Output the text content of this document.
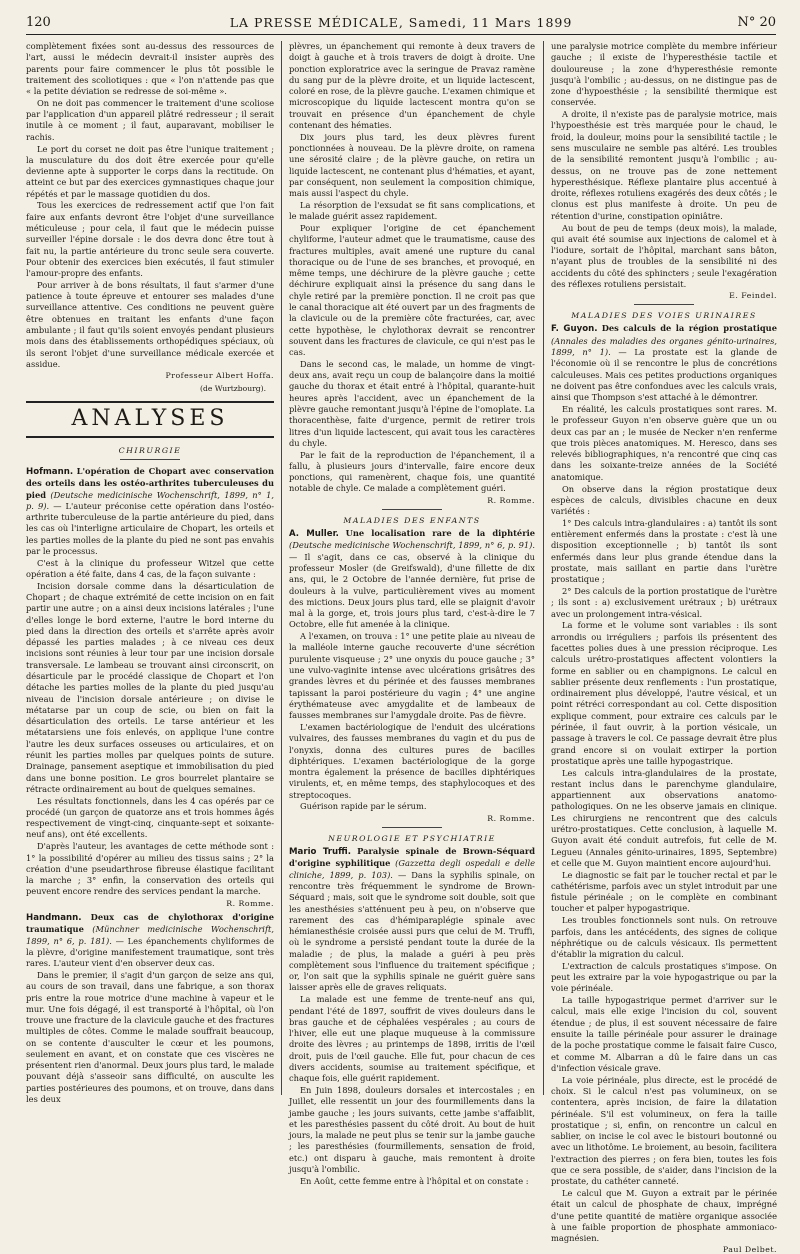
120	LA PRESSE MÉDICALE, Samedi, 11 Mars 1899	N° 20

complètement fixées sont au-dessus des ressources de l'art, aussi le médecin devrait-il insister auprès des parents pour faire commencer le plus tôt possible le traitement des scoliotiques : que « l'on n'attende pas que « la petite déviation se redresse de soi-même ».

On ne doit pas commencer le traitement d'une scoliose par l'application d'un appareil plâtré redresseur ; il serait inutile à ce moment ; il faut, auparavant, mobiliser le rachis.

Le port du corset ne doit pas être l'unique traitement ; la musculature du dos doit être exercée pour qu'elle devienne apte à supporter le corps dans la rectitude. On atteint ce but par des exercices gymnastiques chaque jour répétés et par le massage quotidien du dos.

Tous les exercices de redressement actif que l'on fait faire aux enfants devront être l'objet d'une surveillance méticuleuse ; pour cela, il faut que le médecin puisse surveiller l'épine dorsale : le dos devra donc être tout à fait nu, la partie antérieure du tronc seule sera couverte. Pour obtenir des exercices bien exécutés, il faut stimuler l'amour-propre des enfants.

Pour arriver à de bons résultats, il faut s'armer d'une patience à toute épreuve et entourer ses malades d'une surveillance attentive. Ces conditions ne peuvent guère être obtenues en traitant les enfants d'une façon ambulante ; il faut qu'ils soient envoyés pendant plusieurs mois dans des établissements orthopédiques spéciaux, où ils seront l'objet d'une surveillance médicale exercée et assidue.

Professeur Albert Hoffa.
(de Wurtzbourg).
ANALYSES
CHIRURGIE

Hofmann. L'opération de Chopart avec conservation des orteils dans les ostéo-arthrites tuberculeuses du pied (Deutsche medicinische Wochenschrift, 1899, n° 1, p. 9). — L'auteur préconise cette opération dans l'ostéo-arthrite tuberculeuse de la partie antérieure du pied, dans les cas où l'interligne articulaire de Chopart, les orteils et les parties molles de la plante du pied ne sont pas envahis par le processus.

C'est à la clinique du professeur Witzel que cette opération a été faite, dans 4 cas, de la façon suivante :

Incision dorsale comme dans la désarticulation de Chopart ; de chaque extrémité de cette incision on en fait partir une autre ; on a ainsi deux incisions latérales ; l'une d'elles longe le bord externe, l'autre le bord interne du pied dans la direction des orteils et s'arrête après avoir dépassé les parties malades ; à ce niveau ces deux incisions sont réunies à leur tour par une incision dorsale transversale. Le lambeau se trouvant ainsi circonscrit, on désarticule par le procédé classique de Chopart et l'on détache les parties molles de la plante du pied jusqu'au niveau de l'incision dorsale antérieure ; on divise le métatarse par un coup de scie, ou bien on fait la désarticulation des orteils. Le tarse antérieur et les métatarsiens une fois enlevés, on applique l'une contre l'autre les deux surfaces osseuses ou articulaires, et on réunit les parties molles par quelques points de suture. Drainage, pansement aseptique et immobilisation du pied dans une bonne position. Le gros bourrelet plantaire se rétracte ordinairement au bout de quelques semaines.

Les résultats fonctionnels, dans les 4 cas opérés par ce procédé (un garçon de quatorze ans et trois hommes âgés respectivement de vingt-cinq, cinquante-sept et soixante-neuf ans), ont été excellents.

D'après l'auteur, les avantages de cette méthode sont : 1° la possibilité d'opérer au milieu des tissus sains ; 2° la création d'une pseudarthrose fibreuse élastique facilitant la marche ; 3° enfin, la conservation des orteils qui peuvent encore rendre des services pendant la marche.

R. Romme.

Handmann. Deux cas de chylothorax d'origine traumatique (Münchner medicinische Wochenschrift, 1899, n° 6, p. 181). — Les épanchements chyliformes de la plèvre, d'origine manifestement traumatique, sont très rares. L'auteur vient d'en observer deux cas.

Dans le premier, il s'agit d'un garçon de seize ans qui, au cours de son travail, dans une fabrique, a son thorax pris entre la roue motrice d'une machine à vapeur et le mur. Une fois dégagé, il est transporté à l'hôpital, où l'on trouve une fracture de la clavicule gauche et des fractures multiples de côtes. Comme le malade souffrait beaucoup, on se contente d'ausculter le cœur et les poumons, seulement en avant, et on constate que ces viscères ne présentent rien d'anormal. Deux jours plus tard, le malade pouvant déjà s'asseoir sans difficulté, on ausculte les parties postérieures des poumons, et on trouve, dans dans les deux

plèvres, un épanchement qui remonte à deux travers de doigt à gauche et à trois travers de doigt à droite. Une ponction exploratrice avec la seringue de Pravaz ramène du sang pur de la plèvre droite, et un liquide lactescent, coloré en rose, de la plèvre gauche. L'examen chimique et microscopique du liquide lactescent montra qu'on se trouvait en présence d'un épanchement de chyle contenant des hématies.

Dix jours plus tard, les deux plèvres furent ponctionnées à nouveau. De la plèvre droite, on ramena une sérosité claire ; de la plèvre gauche, on retira un liquide lactescent, ne contenant plus d'hématies, et ayant, par conséquent, non seulement la composition chimique, mais aussi l'aspect du chyle.

La résorption de l'exsudat se fit sans complications, et le malade guérit assez rapidement.

Pour expliquer l'origine de cet épanchement chyliforme, l'auteur admet que le traumatisme, cause des fractures multiples, avait amené une rupture du canal thoracique ou de l'une de ses branches, et provoqué, en même temps, une déchirure de la plèvre gauche ; cette déchirure expliquait ainsi la présence du sang dans le chyle retiré par la première ponction. Il ne croit pas que le canal thoracique ait été ouvert par un des fragments de la clavicule ou de la première côte fracturées, car, avec cette hypothèse, le chylothorax devrait se rencontrer souvent dans les fractures de clavicule, ce qui n'est pas le cas.

Dans le second cas, le malade, un homme de vingt-deux ans, avait reçu un coup de balançoire dans la moitié gauche du thorax et était entré à l'hôpital, quarante-huit heures après l'accident, avec un épanchement de la plèvre gauche remontant jusqu'à l'épine de l'omoplate. La thoracenthèse, faite d'urgence, permit de retirer trois litres d'un liquide lactescent, qui avait tous les caractères du chyle.

Par le fait de la reproduction de l'épanchement, il a fallu, à plusieurs jours d'intervalle, faire encore deux ponctions, qui ramenèrent, chaque fois, une quantité notable de chyle. Ce malade a complètement guéri.

R. Romme.
MALADIES DES ENFANTS

A. Muller. Une localisation rare de la diphtérie (Deutsche medicinische Wochenschrift, 1899, n° 6, p. 91). — Il s'agit, dans ce cas, observé à la clinique du professeur Mosler (de Greifswald), d'une fillette de dix ans, qui, le 2 Octobre de l'année dernière, fut prise de douleurs à la vulve, particulièrement vives au moment des mictions. Deux jours plus tard, elle se plaignit d'avoir mal à la gorge, et, trois jours plus tard, c'est-à-dire le 7 Octobre, elle fut amenée à la clinique.

A l'examen, on trouva : 1° une petite plaie au niveau de la malléole interne gauche recouverte d'une sécrétion purulente visqueuse ; 2° une onyxis du pouce gauche ; 3° une vulvo-vaginite intense avec ulcérations grisâtres des grandes lèvres et du périnée et des fausses membranes tapissant la paroi postérieure du vagin ; 4° une angine érythémateuse avec amygdalite et de lambeaux de fausses membranes sur l'amygdale droite. Pas de fièvre.

L'examen bactériologique de l'enduit des ulcérations vulvaires, des fausses membranes du vagin et du pus de l'onyxis, donna des cultures pures de bacilles diphtériques. L'examen bactériologique de la gorge montra également la présence de bacilles diphtériques virulents, et, en même temps, des staphylocoques et des streptocoques.

Guérison rapide par le sérum.

R. Romme.
NEUROLOGIE ET PSYCHIATRIE

Mario Truffi. Paralysie spinale de Brown-Séquard d'origine syphilitique (Gazzetta degli ospedali e delle cliniche, 1899, p. 103). — Dans la syphilis spinale, on rencontre très fréquemment le syndrome de Brown-Séquard ; mais, soit que le syndrome soit double, soit que les anesthésies s'atténuent peu à peu, on n'observe que rarement des cas d'hémiparaplégie spinale avec hémianesthésie croisée aussi purs que celui de M. Truffi, où le syndrome a persisté pendant toute la durée de la maladie ; de plus, la malade a guéri à peu près complètement sous l'influence du traitement spécifique ; or, l'on sait que la syphilis spinale ne guérit guère sans laisser après elle de graves reliquats.

La malade est une femme de trente-neuf ans qui, pendant l'été de 1897, souffrit de vives douleurs dans le bras gauche et de céphalées vespérales ; au cours de l'hiver, elle eut une plaque muqueuse à la commissure droite des lèvres ; au printemps de 1898, irritis de l'œil droit, puis de l'œil gauche. Elle fut, pour chacun de ces divers accidents, soumise au traitement spécifique, et chaque fois, elle guérit rapidement.

En Juin 1898, douleurs dorsales et intercostales ; en Juillet, elle ressentit un jour des fourmillements dans la jambe gauche ; les jours suivants, cette jambe s'affaiblit, et les paresthésies passent du côté droit. Au bout de huit jours, la malade ne peut plus se tenir sur la jambe gauche ; les paresthésies (fourmillements, sensation de froid, etc.) ont disparu à gauche, mais remontent à droite jusqu'à l'ombilic.

En Août, cette femme entre à l'hôpital et on constate :

une paralysie motrice complète du membre inférieur gauche ; il existe de l'hyperesthésie tactile et douloureuse ; la zone d'hyperesthésie remonte jusqu'à l'ombilic ; au-dessus, on ne distingue pas de zone d'hypoesthésie ; la sensibilité thermique est conservée.

A droite, il n'existe pas de paralysie motrice, mais l'hypoesthésie est très marquée pour le chaud, le froid, la douleur, moins pour la sensibilité tactile ; le sens musculaire ne semble pas altéré. Les troubles de la sensibilité remontent jusqu'à l'ombilic ; au-dessus, on ne trouve pas de zone nettement hyperesthésique. Réflexe plantaire plus accentué à droite, réflexes rotuliens exagérés des deux côtés ; le clonus est plus manifeste à droite. Un peu de rétention d'urine, constipation opiniâtre.

Au bout de peu de temps (deux mois), la malade, qui avait été soumise aux injections de calomel et à l'iodure, sortait de l'hôpital, marchant sans bâton, n'ayant plus de troubles de la sensibilité ni des accidents du côté des sphincters ; seule l'exagération des réflexes rotuliens persistait.

E. Feindel.
MALADIES DES VOIES URINAIRES

F. Guyon. Des calculs de la région prostatique (Annales des maladies des organes génito-urinaires, 1899, n° 1). — La prostate est la glande de l'économie où il se rencontre le plus de concrétions calculeuses. Mais ces petites productions organiques ne doivent pas être confondues avec les calculs vrais, ainsi que Thompson s'est attaché à le démontrer.

En réalité, les calculs prostatiques sont rares. M. le professeur Guyon n'en observe guère que un ou deux cas par an ; le musée de Necker n'en renferme que trois pièces anatomiques. M. Heresco, dans ses relevés bibliographiques, n'a rencontré que cinq cas dans les soixante-treize années de la Société anatomique.

On observe dans la région prostatique deux espèces de calculs, divisibles chacune en deux variétés :

1° Des calculs intra-glandulaires : a) tantôt ils sont entièrement enfermés dans la prostate : c'est là une disposition exceptionnelle ; b) tantôt ils sont enfermés dans leur plus grande étendue dans la prostate, mais saillant en partie dans l'urètre prostatique ;

2° Des calculs de la portion prostatique de l'urètre ; ils sont : a) exclusivement urétraux ; b) urétraux avec un prolongement intra-vésical.

La forme et le volume sont variables : ils sont arrondis ou irréguliers ; parfois ils présentent des facettes polies dues à une pression réciproque. Les calculs urétro-prostatiques affectent volontiers la forme en sablier ou en champignons. Le calcul en sablier présente deux renflements : l'un prostatique, ordinairement plus développé, l'autre vésical, et un point rétréci correspondant au col. Cette disposition explique comment, pour extraire ces calculs par le périnée, il faut ouvrir, à la portion vésicale, un passage à travers le col. Ce passage devrait être plus grand encore si on voulait extirper la portion prostatique après une taille hypogastrique.

Les calculs intra-glandulaires de la prostate, restant inclus dans le parenchyme glandulaire, appartiennent aux observations anatomo-pathologiques. On ne les observe jamais en clinique. Les chirurgiens ne rencontrent que des calculs urétro-prostatiques. Cette conclusion, à laquelle M. Guyon avait été conduit autrefois, fut celle de M. Legueu (Annales génito-urinaires, 1895, Septembre) et celle que M. Guyon maintient encore aujourd'hui.

Le diagnostic se fait par le toucher rectal et par le cathétérisme, parfois avec un stylet introduit par une fistule périnéale ; on le complète en combinant toucher et palper hypogastrique.

Les troubles fonctionnels sont nuls. On retrouve parfois, dans les antécédents, des signes de colique néphrétique ou de calculs vésicaux. Ils permettent d'établir la migration du calcul.

L'extraction de calculs prostatiques s'impose. On peut les extraire par la voie hypogastrique ou par la voie périnéale.

La taille hypogastrique permet d'arriver sur le calcul, mais elle exige l'incision du col, souvent étendue ; de plus, il est souvent nécessaire de faire ensuite la taille périnéale pour assurer le drainage de la poche prostatique comme le faisait faire Cusco, et comme M. Albarran a dû le faire dans un cas d'infection vésicale grave.

La voie périnéale, plus directe, est le procédé de choix. Si le calcul n'est pas volumineux, on se contentera, après incision, de faire la dilatation périnéale. S'il est volumineux, on fera la taille prostatique ; si, enfin, on rencontre un calcul en sablier, on incise le col avec le bistouri boutonné ou avec un lithotôme. Le broiement, au besoin, facilitera l'extraction des pierres ; on fera bien, toutes les fois que ce sera possible, de s'aider, dans l'incision de la prostate, du cathéter canneté.

Le calcul que M. Guyon a extrait par le périnée était un calcul de phosphate de chaux, imprégné d'une petite quantité de matière organique associée à une faible proportion de phosphate ammoniaco-magnésien.

Paul Delbet.
